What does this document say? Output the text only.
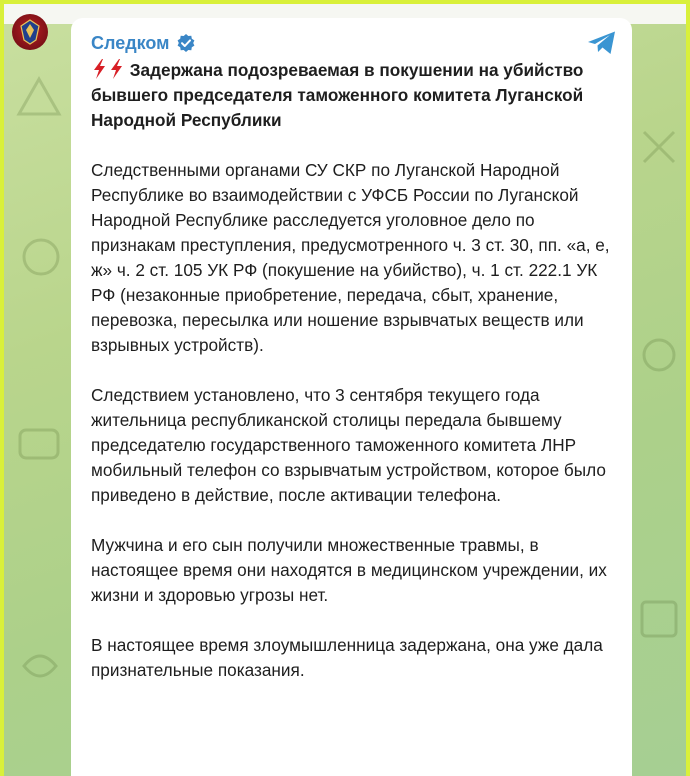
Следком

Задержана подозреваемая в покушении на убийство бывшего председателя таможенного комитета Луганской Народной Республики

Следственными органами СУ СКР по Луганской Народной Республике во взаимодействии с УФСБ России по Луганской Народной Республике расследуется уголовное дело по признакам преступления, предусмотренного ч. 3 ст. 30, пп. «а, е, ж» ч. 2 ст. 105 УК РФ (покушение на убийство), ч. 1 ст. 222.1 УК РФ (незаконные приобретение, передача, сбыт, хранение, перевозка, пересылка или ношение взрывчатых веществ или взрывных устройств).

Следствием установлено, что 3 сентября текущего года жительница республиканской столицы передала бывшему председателю государственного таможенного комитета ЛНР мобильный телефон со взрывчатым устройством, которое было приведено в действие, после активации телефона.

Мужчина и его сын получили множественные травмы, в настоящее время они находятся в медицинском учреждении, их жизни и здоровью угрозы нет.

В настоящее время злоумышленница задержана, она уже дала признательные показания.
